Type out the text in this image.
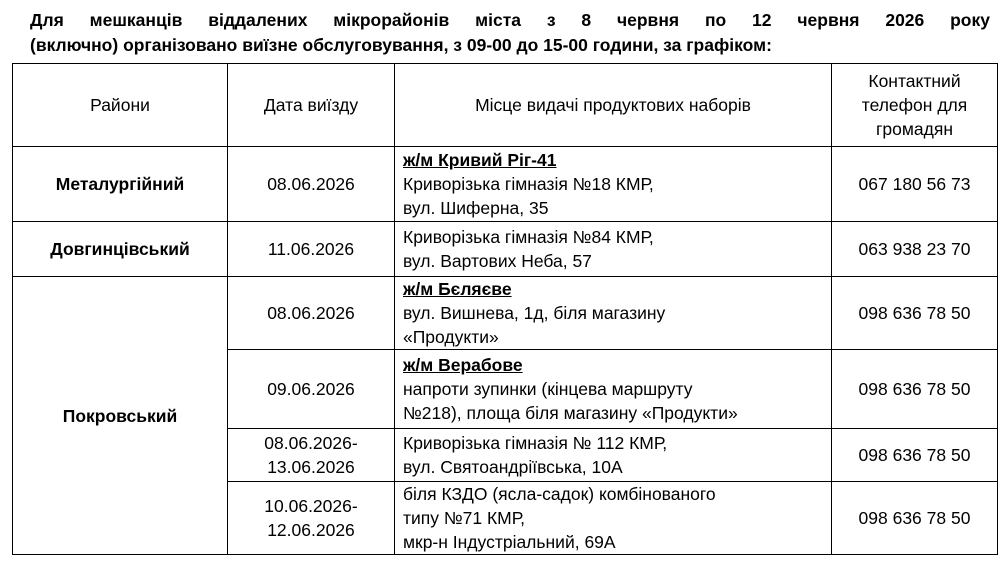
Для мешканців віддалених мікрорайонів міста з 8 червня по 12 червня 2026 року
(включно) організовано виїзне обслуговування, з 09-00 до 15-00 години, за графіком:
Райони	Дата виїзду	Місце видачі продуктових наборів	Контактний телефон для громадян
Металургійний	08.06.2026	ж/м Кривий Ріг-41
Криворізька гімназія №18 КМР,
вул. Шиферна, 35	067 180 56 73
Довгинцівський	11.06.2026	Криворізька гімназія №84 КМР,
вул. Вартових Неба, 57	063 938 23 70
Покровський	08.06.2026	ж/м Бєляєве
вул. Вишнева, 1д, біля магазину
«Продукти»	098 636 78 50
	09.06.2026	ж/м Верабове
напроти зупинки (кінцева маршруту
№218), площа біля магазину «Продукти»	098 636 78 50

	08.06.2026-
13.06.2026	Криворізька гімназія № 112 КМР,
вул. Святоандріївська, 10А	098 636 78 50

	10.06.2026-
12.06.2026	біля КЗДО (ясла-садок) комбінованого
типу №71 КМР,
мкр-н Індустріальний, 69А	098 636 78 50
